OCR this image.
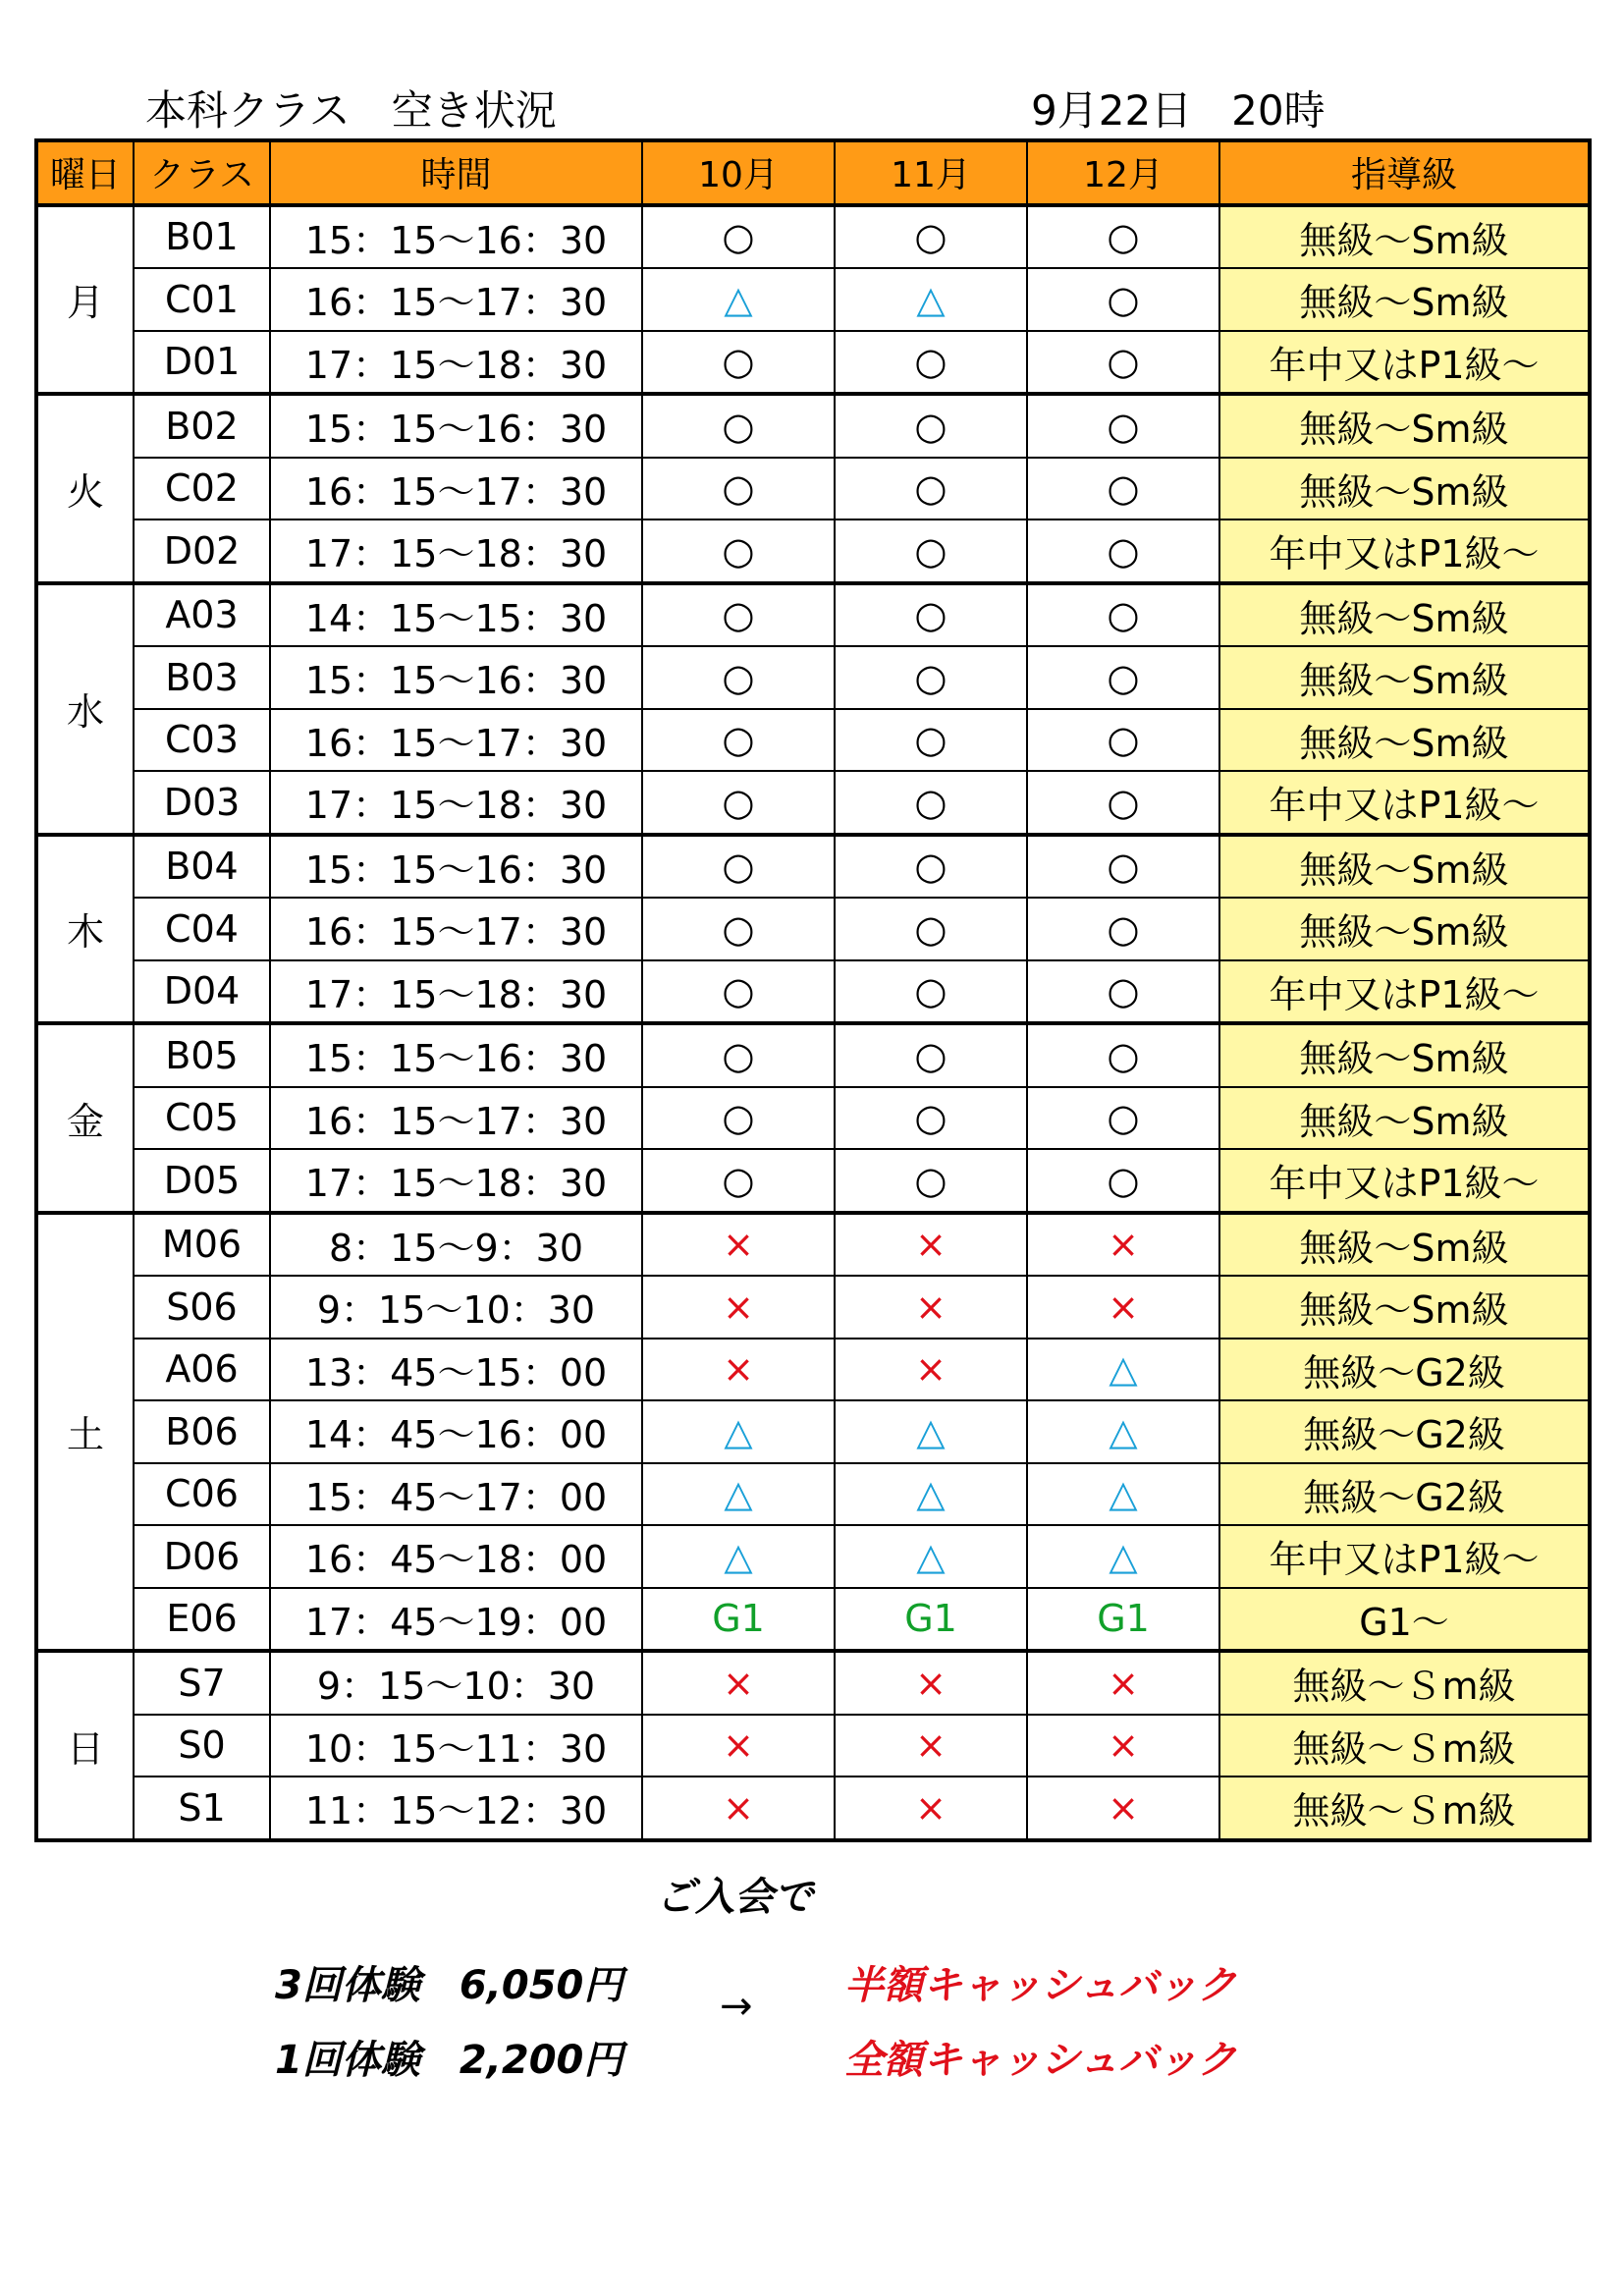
本科クラス　空き状況	9月22日 20時
曜日	クラス	時間	10月	11月	12月	指導級
月	B01	15：15～16：30	○	○	○	無級～Sm級
	C01	16：15～17：30	△	△	○	無級～Sm級
	D01	17：15～18：30	○	○	○	年中又はP1級～
火	B02	15：15～16：30	○	○	○	無級～Sm級
	C02	16：15～17：30	○	○	○	無級～Sm級
	D02	17：15～18：30	○	○	○	年中又はP1級～
水	A03	14：15～15：30	○	○	○	無級～Sm級
	B03	15：15～16：30	○	○	○	無級～Sm級
	C03	16：15～17：30	○	○	○	無級～Sm級
	D03	17：15～18：30	○	○	○	年中又はP1級～
木	B04	15：15～16：30	○	○	○	無級～Sm級
	C04	16：15～17：30	○	○	○	無級～Sm級
	D04	17：15～18：30	○	○	○	年中又はP1級～
金	B05	15：15～16：30	○	○	○	無級～Sm級
	C05	16：15～17：30	○	○	○	無級～Sm級
	D05	17：15～18：30	○	○	○	年中又はP1級～
土	M06	8：15～9：30	×	×	×	無級～Sm級
	S06	9：15～10：30	×	×	×	無級～Sm級
	A06	13：45～15：00	×	×	△	無級～G2級
	B06	14：45～16：00	△	△	△	無級～G2級
	C06	15：45～17：00	△	△	△	無級～G2級
	D06	16：45～18：00	△	△	△	年中又はP1級～
	E06	17：45～19：00	G1	G1	G1	G1～
日	S7	9：15～10：30	×	×	×	無級～Ｓm級
	S0	10：15～11：30	×	×	×	無級～Ｓm級
	S1	11：15～12：30	×	×	×	無級～Ｓm級
ご入会で
3回体験　6,050円	半額キャッシュバック
→
1回体験　2,200円	全額キャッシュバック
